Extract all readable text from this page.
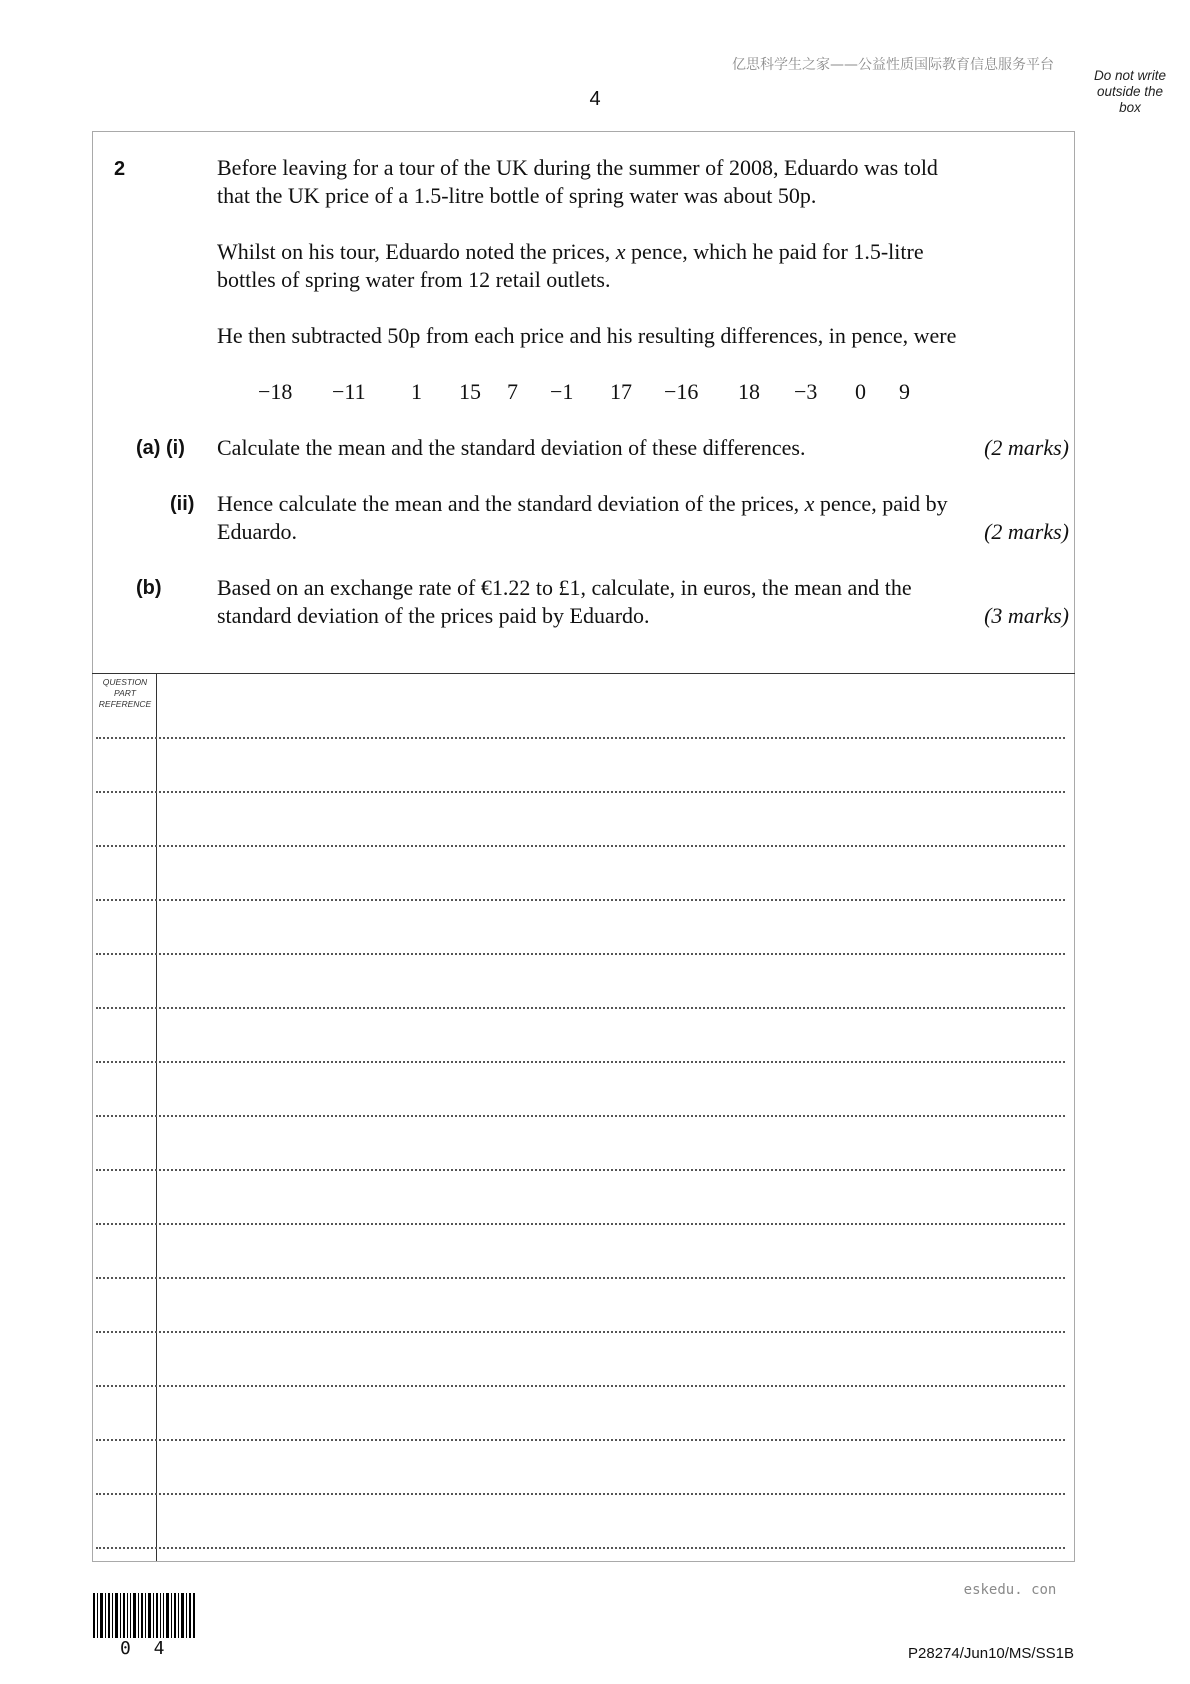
亿思科学生之家——公益性质国际教育信息服务平台
4
Do not write
outside the
box
2	Before leaving for a tour of the UK during the summer of 2008, Eduardo was told
that the UK price of a 1.5-litre bottle of spring water was about 50p.
Whilst on his tour, Eduardo noted the prices, x pence, which he paid for 1.5-litre
bottles of spring water from 12 retail outlets.
He then subtracted 50p from each price and his resulting differences, in pence, were
−18	−11	1	15	7	−1	17	−16	18	−3	0	9
(a) (i) Calculate the mean and the standard deviation of these differences.	(2 marks)
(ii) Hence calculate the mean and the standard deviation of the prices, x pence, paid by
Eduardo.	(2 marks)
(b)	Based on an exchange rate of €1.22 to £1, calculate, in euros, the mean and the
standard deviation of the prices paid by Eduardo.	(3 marks)
QUESTION
PART
REFERENCE
eskedu. con
0 4	P28274/Jun10/MS/SS1B
